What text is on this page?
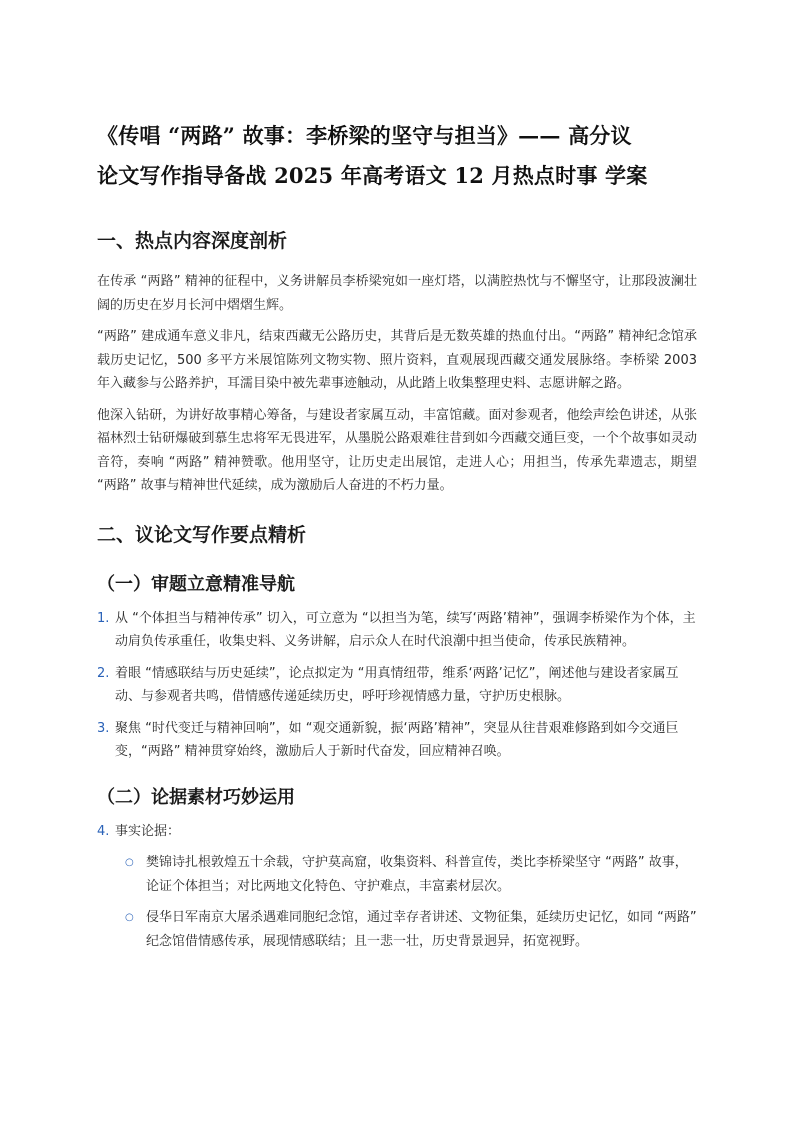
《传唱 “两路” 故事：李桥梁的坚守与担当》—— 高分议
论文写作指导备战 2025 年高考语文 12 月热点时事 学案
一、热点内容深度剖析

在传承 “两路” 精神的征程中，义务讲解员李桥梁宛如一座灯塔，以满腔热忱与不懈坚守，让那段波澜壮阔的历史在岁月长河中熠熠生辉。

“两路” 建成通车意义非凡，结束西藏无公路历史，其背后是无数英雄的热血付出。“两路” 精神纪念馆承载历史记忆，500 多平方米展馆陈列文物实物、照片资料，直观展现西藏交通发展脉络。李桥梁 2003 年入藏参与公路养护，耳濡目染中被先辈事迹触动，从此踏上收集整理史料、志愿讲解之路。

他深入钻研，为讲好故事精心筹备，与建设者家属互动，丰富馆藏。面对参观者，他绘声绘色讲述，从张福林烈士钻研爆破到慕生忠将军无畏进军，从墨脱公路艰难往昔到如今西藏交通巨变，一个个故事如灵动音符，奏响 “两路” 精神赞歌。他用坚守，让历史走出展馆，走进人心；用担当，传承先辈遗志，期望 “两路” 故事与精神世代延续，成为激励后人奋进的不朽力量。

二、议论文写作要点精析
（一）审题立意精准导航
1. 从 “个体担当与精神传承” 切入，可立意为 “以担当为笔，续写‘两路’精神”，强调李桥梁作为个体，主动肩负传承重任，收集史料、义务讲解，启示众人在时代浪潮中担当使命，传承民族精神。
2. 着眼 “情感联结与历史延续”，论点拟定为 “用真情纽带，维系‘两路’记忆”，阐述他与建设者家属互动、与参观者共鸣，借情感传递延续历史，呼吁珍视情感力量，守护历史根脉。
3. 聚焦 “时代变迁与精神回响”，如 “观交通新貌，振‘两路’精神”，突显从往昔艰难修路到如今交通巨变，“两路” 精神贯穿始终，激励后人于新时代奋发，回应精神召唤。
（二）论据素材巧妙运用
4. 事实论据：
○ 樊锦诗扎根敦煌五十余载，守护莫高窟，收集资料、科普宣传，类比李桥梁坚守 “两路” 故事，论证个体担当；对比两地文化特色、守护难点，丰富素材层次。
○ 侵华日军南京大屠杀遇难同胞纪念馆，通过幸存者讲述、文物征集，延续历史记忆，如同 “两路” 纪念馆借情感传承，展现情感联结；且一悲一壮，历史背景迥异，拓宽视野。
